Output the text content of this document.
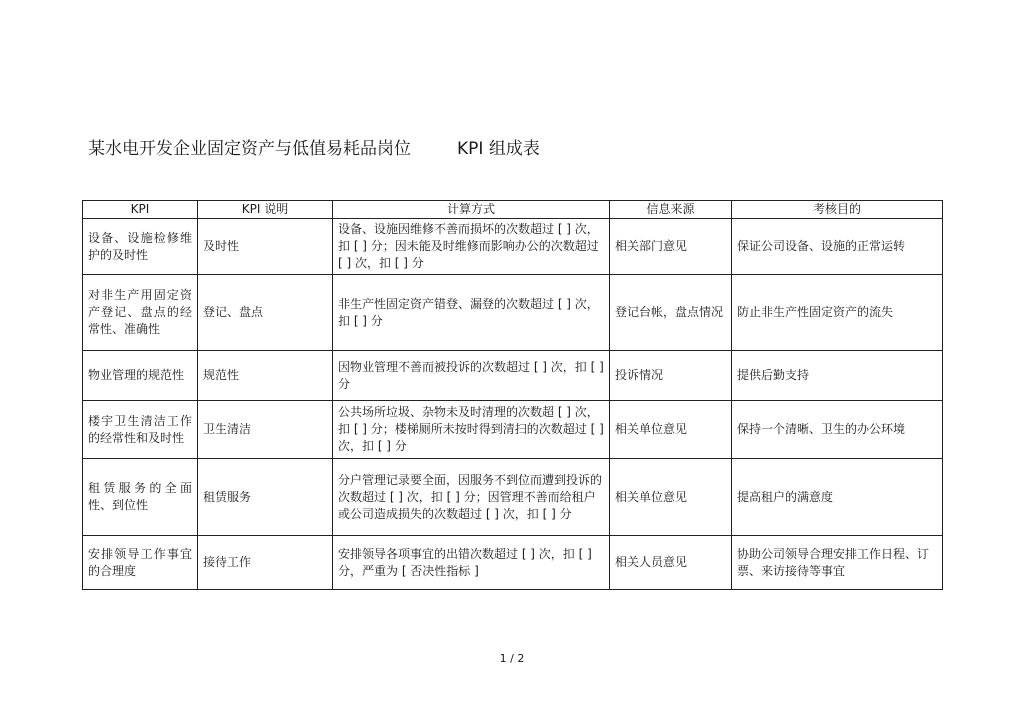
某水电开发企业固定资产与低值易耗品岗位	KPI 组成表
KPI	KPI 说明	计算方式	信息来源	考核目的
设备、设施检修维护的及时性	及时性	设备、设施因维修不善而损坏的次数超过 [ ] 次，扣 [ ] 分；因未能及时维修而影响办公的次数超过 [ ] 次，扣 [ ] 分	相关部门意见	保证公司设备、设施的正常运转
对非生产用固定资产登记、盘点的经常性、准确性	登记、盘点	非生产性固定资产错登、漏登的次数超过 [ ] 次，扣 [ ] 分	登记台帐，盘点情况	防止非生产性固定资产的流失
物业管理的规范性	规范性	因物业管理不善而被投诉的次数超过 [ ] 次，扣 [ ] 分	投诉情况	提供后勤支持
楼宇卫生清洁工作的经常性和及时性	卫生清洁	公共场所垃圾、杂物未及时清理的次数超 [ ] 次，扣 [ ] 分；楼梯厕所未按时得到清扫的次数超过 [ ] 次，扣 [ ] 分	相关单位意见	保持一个清晰、卫生的办公环境
租赁服务的全面性、到位性	租赁服务	分户管理记录要全面，因服务不到位而遭到投诉的次数超过 [ ] 次，扣 [ ] 分；因管理不善而给租户或公司造成损失的次数超过 [ ] 次，扣 [ ] 分	相关单位意见	提高租户的满意度
安排领导工作事宜的合理度	接待工作	安排领导各项事宜的出错次数超过 [ ] 次，扣 [ ] 分，严重为 [ 否决性指标 ]	相关人员意见	协助公司领导合理安排工作日程、订票、来访接待等事宜
1 / 2
